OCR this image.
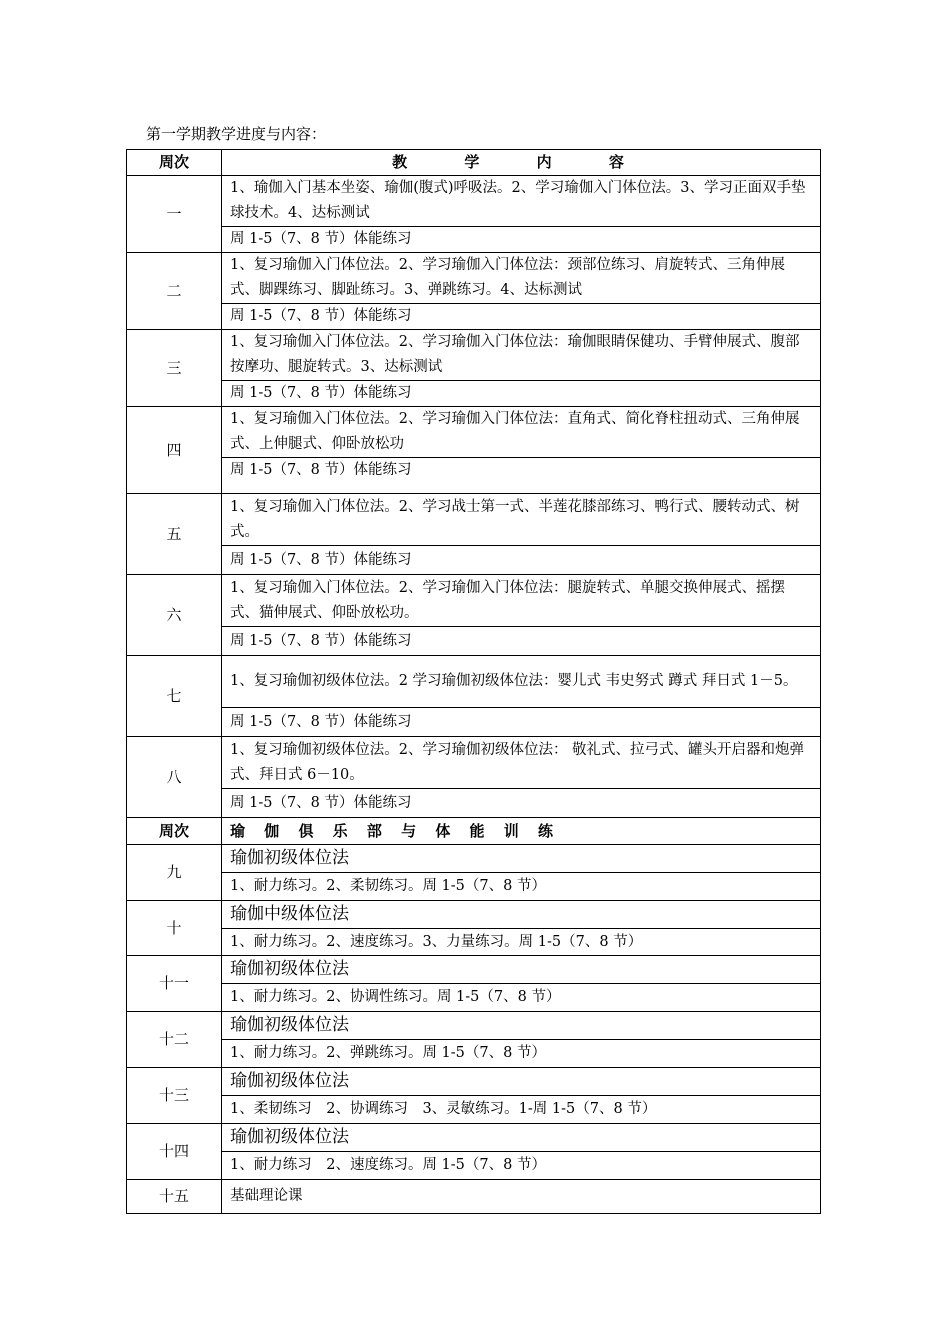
第一学期教学进度与内容：
周次	教 学 内 容
一	1、瑜伽入门基本坐姿、瑜伽(腹式)呼吸法。2、学习瑜伽入门体位法。3、学习正面双手垫球技术。4、达标测试
	周 1-5（7、8 节）体能练习
二	1、复习瑜伽入门体位法。2、学习瑜伽入门体位法：颈部位练习、肩旋转式、三角伸展式、脚踝练习、脚趾练习。3、弹跳练习。4、达标测试
	周 1-5（7、8 节）体能练习
三	1、复习瑜伽入门体位法。2、学习瑜伽入门体位法：瑜伽眼睛保健功、手臂伸展式、腹部按摩功、腿旋转式。3、达标测试
	周 1-5（7、8 节）体能练习
四	1、复习瑜伽入门体位法。2、学习瑜伽入门体位法：直角式、简化脊柱扭动式、三角伸展式、上伸腿式、仰卧放松功
	周 1-5（7、8 节）体能练习
五	1、复习瑜伽入门体位法。2、学习战士第一式、半莲花膝部练习、鸭行式、腰转动式、树式。
	周 1-5（7、8 节）体能练习
六	1、复习瑜伽入门体位法。2、学习瑜伽入门体位法：腿旋转式、单腿交换伸展式、摇摆式、猫伸展式、仰卧放松功。
	周 1-5（7、8 节）体能练习
七	1、复习瑜伽初级体位法。2 学习瑜伽初级体位法：婴儿式 韦史努式 蹲式 拜日式 1－5。
	周 1-5（7、8 节）体能练习
八	1、复习瑜伽初级体位法。2、学习瑜伽初级体位法： 敬礼式、拉弓式、罐头开启器和炮弹式、拜日式 6－10。
	周 1-5（7、8 节）体能练习
周次	瑜 伽 俱 乐 部 与 体 能 训 练
九	瑜伽初级体位法
	1、耐力练习。2、柔韧练习。周 1-5（7、8 节）
十	瑜伽中级体位法
	1、耐力练习。2、速度练习。3、力量练习。周 1-5（7、8 节）
十一	瑜伽初级体位法
	1、耐力练习。2、协调性练习。周 1-5（7、8 节）
十二	瑜伽初级体位法
	1、耐力练习。2、弹跳练习。周 1-5（7、8 节）
十三	瑜伽初级体位法
	1、柔韧练习　2、协调练习　3、灵敏练习。1-周 1-5（7、8 节）
十四	瑜伽初级体位法
	1、耐力练习　2、速度练习。周 1-5（7、8 节）
十五	基础理论课
